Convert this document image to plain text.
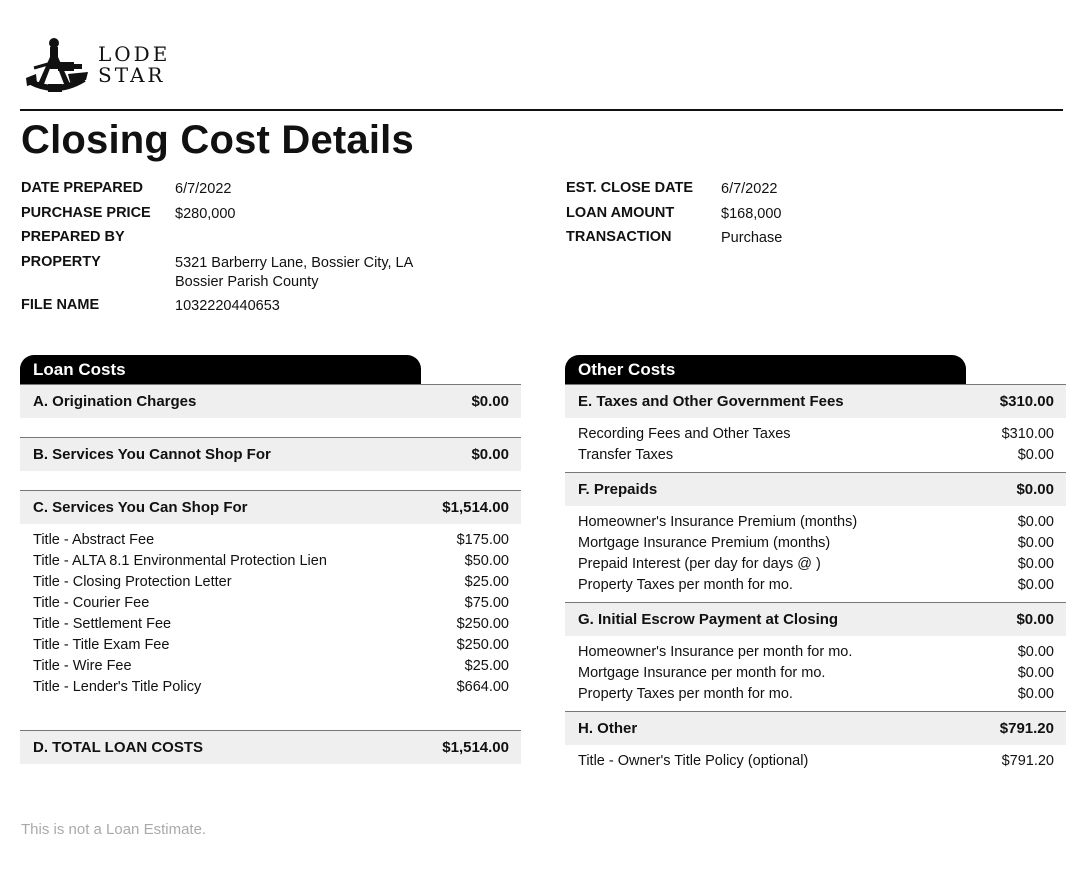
LODE
STAR
Closing Cost Details
DATE PREPARED 6/7/2022
PURCHASE PRICE $280,000
PREPARED BY
PROPERTY	5321 Barberry Lane, Bossier City, LA
Bossier Parish County
FILE NAME	1032220440653
EST. CLOSE DATE 6/7/2022
LOAN AMOUNT	$168,000
TRANSACTION	Purchase
Loan Costs
A. Origination Charges	$0.00
B. Services You Cannot Shop For	$0.00
C. Services You Can Shop For	$1,514.00
Title - Abstract Fee	$175.00
Title - ALTA 8.1 Environmental Protection Lien	$50.00
Title - Closing Protection Letter	$25.00
Title - Courier Fee	$75.00
Title - Settlement Fee	$250.00
Title - Title Exam Fee	$250.00
Title - Wire Fee	$25.00
Title - Lender's Title Policy	$664.00
D. TOTAL LOAN COSTS	$1,514.00
Other Costs
E. Taxes and Other Government Fees	$310.00
Recording Fees and Other Taxes	$310.00
Transfer Taxes	$0.00
F. Prepaids	$0.00
Homeowner's Insurance Premium (months)	$0.00
Mortgage Insurance Premium (months)	$0.00
Prepaid Interest (per day for days @ )	$0.00
Property Taxes per month for mo.	$0.00
G. Initial Escrow Payment at Closing	$0.00
Homeowner's Insurance per month for mo.	$0.00
Mortgage Insurance per month for mo.	$0.00
Property Taxes per month for mo.	$0.00
H. Other	$791.20
Title - Owner's Title Policy (optional)	$791.20
This is not a Loan Estimate.
